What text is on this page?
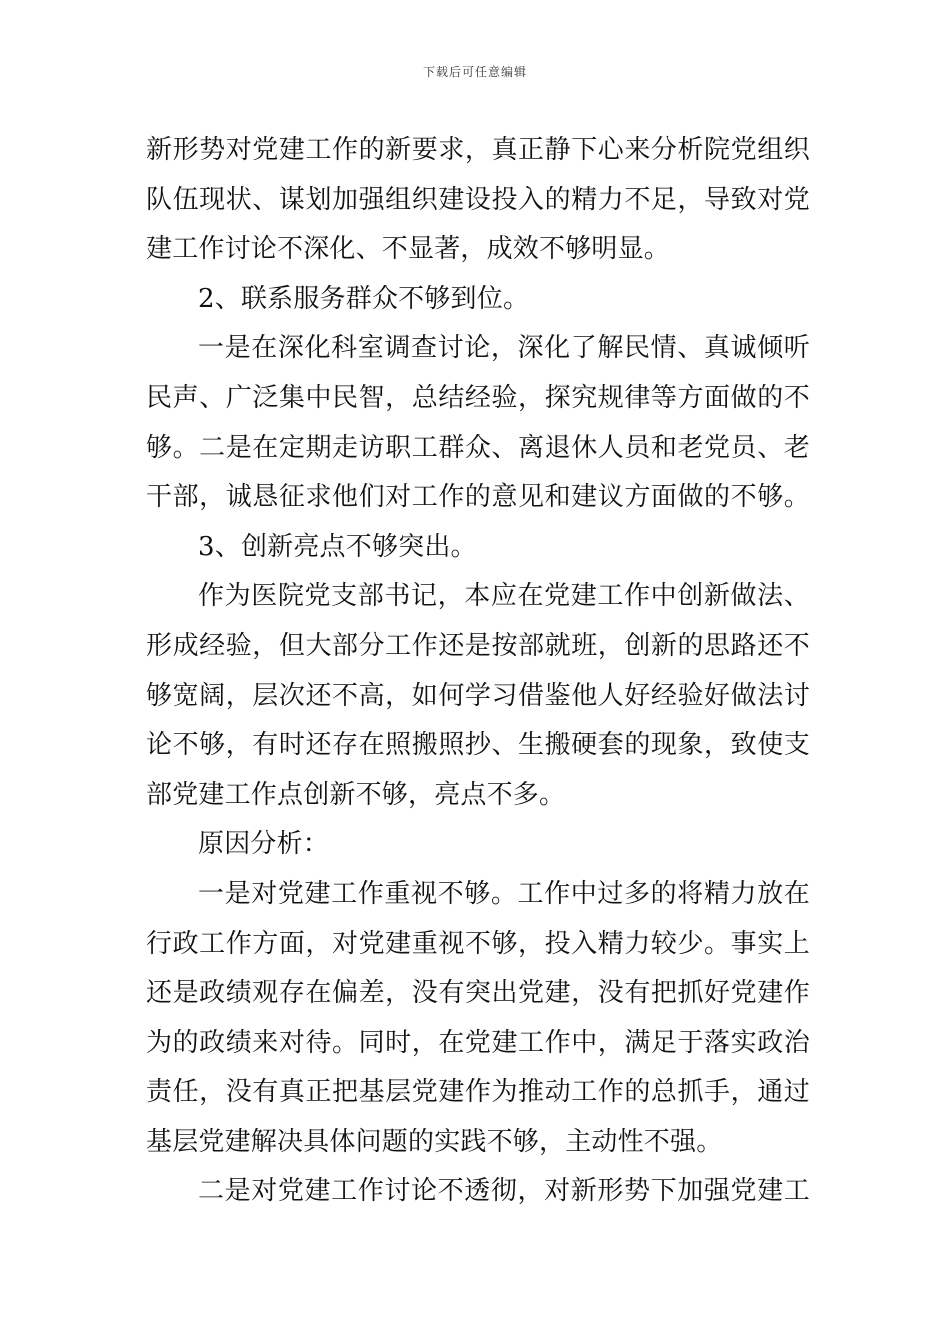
下载后可任意编辑
新形势对党建工作的新要求，真正静下心来分析院党组织
队伍现状、谋划加强组织建设投入的精力不足，导致对党
建工作讨论不深化、不显著，成效不够明显。
2、联系服务群众不够到位。
一是在深化科室调查讨论，深化了解民情、真诚倾听
民声、广泛集中民智，总结经验，探究规律等方面做的不
够。二是在定期走访职工群众、离退休人员和老党员、老
干部，诚恳征求他们对工作的意见和建议方面做的不够。
3、创新亮点不够突出。
作为医院党支部书记，本应在党建工作中创新做法、
形成经验，但大部分工作还是按部就班，创新的思路还不
够宽阔，层次还不高，如何学习借鉴他人好经验好做法讨
论不够，有时还存在照搬照抄、生搬硬套的现象，致使支
部党建工作点创新不够，亮点不多。
原因分析：
一是对党建工作重视不够。工作中过多的将精力放在
行政工作方面，对党建重视不够，投入精力较少。事实上
还是政绩观存在偏差，没有突出党建，没有把抓好党建作
为的政绩来对待。同时，在党建工作中，满足于落实政治
责任，没有真正把基层党建作为推动工作的总抓手，通过
基层党建解决具体问题的实践不够，主动性不强。
二是对党建工作讨论不透彻，对新形势下加强党建工
